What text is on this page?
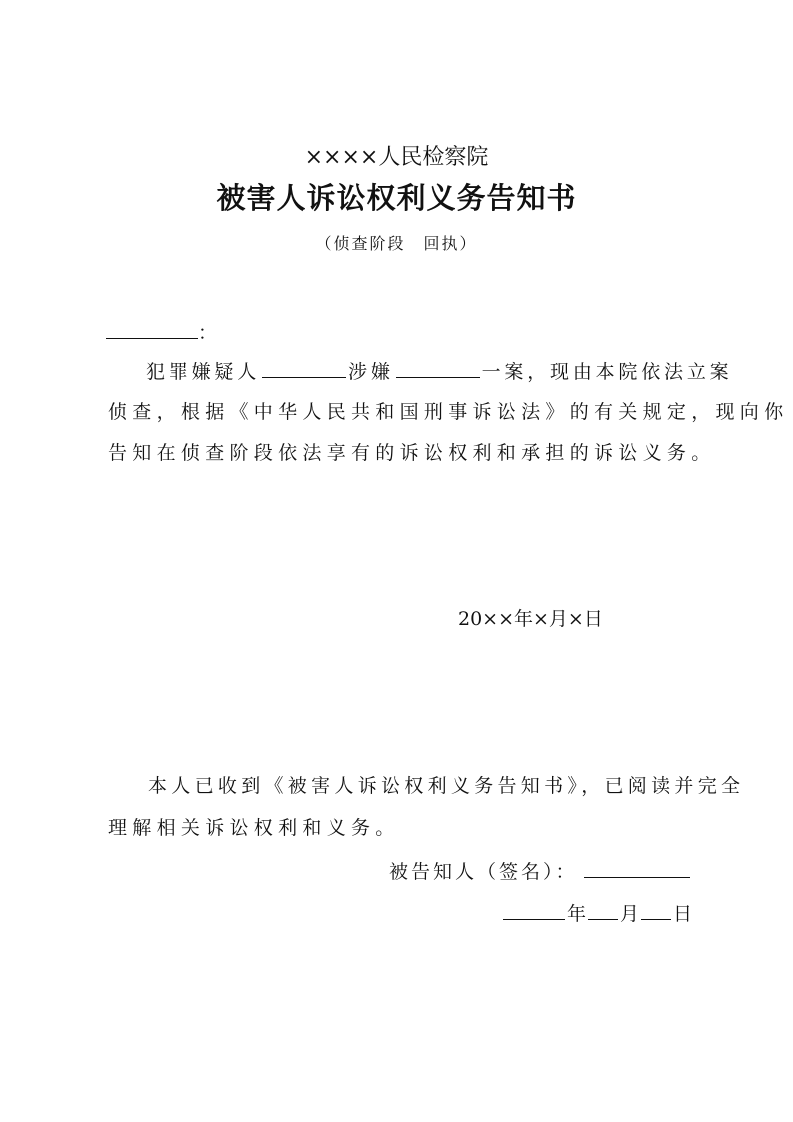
××××人民检察院
被害人诉讼权利义务告知书
（侦查阶段　回执）
：
犯罪嫌疑人	涉嫌	一案，现由本院依法立案
侦查，根据《中华人民共和国刑事诉讼法》的有关规定，现向你
告知在侦查阶段依法享有的诉讼权利和承担的诉讼义务。
20××年×月×日
本人已收到《被害人诉讼权利义务告知书》，已阅读并完全
理解相关诉讼权利和义务。
被告知人（签名）：
年 月 日
